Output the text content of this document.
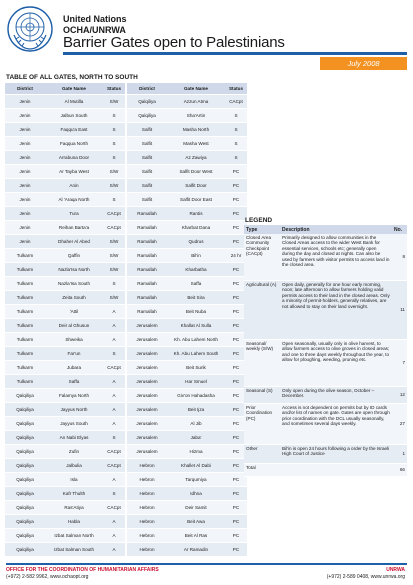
United Nations
OCHA/UNRWA
Barrier Gates open to Palestinians
July 2008
TABLE OF ALL GATES, NORTH TO SOUTH
District	Gate Name	Status
Jenin	Al Mutilla	S/W
Jenin	Jalbun South	S
Jenin	Faqqu'a East	S
Jenin	Faqqua North	S
Jenin	Arrabuna Door	S
Jenin	Ar Tayba West	S/W
Jenin	Anin	S/W
Jenin	Al 'Araqa North	S
Jenin	Tura	CACpt
Jenin	Reihan Barta'a	CACpt
Jenin	Dhaher Al Abed	S/W
Tulkarm	Qaffin	S/W
Tulkarm	Nazla'Isa North	S/W
Tulkarm	Nazla'Isa South	S
Tulkarm	Zeita South	S/W
Tulkarm	'Attil	A
Tulkarm	Deir al Ghusun	A
Tulkarm	Shweika	A
Tulkarm	Far'un	S
Tulkarm	Jubara	CACpt
Tulkarm	Saffa	A
Qalqiliya	Falamya North	A
Qalqiliya	Jayyus North	A
Qalqiliya	Jayyus South	A
Qalqiliya	An Nabi Elyas	S
Qalqiliya	Zufin	CACpt
Qalqiliya	Jalbulia	CACpt
Qalqiliya	Isla	A
Qalqiliya	Kafr Thulth	S
Qalqiliya	Ras'Atiya	CACpt
Qalqiliya	Habla	A
Qalqiliya	Izbat Salman North	A
Qalqiliya	Izbat Salman South	A
District	Gate Name	Status
Qalqiliya	Azzun Atma	CACpt
Qalqiliya	Sha'Artin	S
Salfit	Masha North	S
Salfit	Masha West	S
Salfit	Az Zawiya	S
Salfit	Salfit Door West	PC
Salfit	Salfit Door	PC
Salfit	Salfit Door East	PC
Ramallah	Rantis	PC
Ramallah	Kharbat Dana	PC
Ramallah	Qudrus	PC
Ramallah	Bil'in	24 hr
Ramallah	Kharbatha	PC
Ramallah	Saffa	PC
Ramallah	Beit Sira	PC
Ramallah	Beit Nuba	PC
Jerusalem	Khallat Al Sulla	PC
Jerusalem	Kh. Abu Lahem North	PC
Jerusalem	Kh. Abu Lahem South	PC
Jerusalem	Beit Surik	PC
Jerusalem	Har Smuel	PC
Jerusalem	Giv'on Hahadasha	PC
Jerusalem	Beit Ijza	PC
Jerusalem	Al Jib	PC
Jerusalem	Jaba'	PC
Jerusalem	Hizma	PC
Hebron	Khallet Al Dabi	PC
Hebron	Tarqumiya	PC
Hebron	Idhna	PC
Hebron	Deir Samit	PC
Hebron	Beit Awa	PC
Hebron	Beit Al Ras	PC
Hebron	Ar Ramadin	PC
LEGEND
Type	Description	No.
Closed Area Community Checkpoint (CACpt)	Primarily designed to allow communities in the Closed Areas access to the wider West Bank for essential services, schools etc; generally open during the day and closed at nights. Can also be used by farmers with visitor permits to access land in the closed area.	8
Agricultural (A)	Open daily, generally for one hour early morning, noon; late afternoon to allow farmers holding valid permits access to their land in the closed areas. Only a minority of permit-holders, generally relatives, are not allowed to stay on their land overnight.	11
Seasonal/ weekly (S/W)	Open seasonally, usually only in olive harvest, to allow farmers access to olive groves in closed areas; and one to three days weekly throughout the year, to allow for ploughing, weeding, pruning etc.	7
Seasonal (S)	Only open during the olive season, October – December.	12
Prior Coordination (PC)	Access is not dependent on permits but by ID cards and/or list of names on gate. Gates are open through prior coordination with the DCL usually seasonally, and sometimes several days weekly.	27
Other	Bil'in is open 24 hours following a order by the Israeli High Court of Justice	1
Total		66
OFFICE FOR THE COORDINATION OF HUMANITARIAN AFFAIRS
(+972) 2-582 9962, www.ochaopt.org
UNRWA
(+972) 2-589 0408, www.unrwa.org
